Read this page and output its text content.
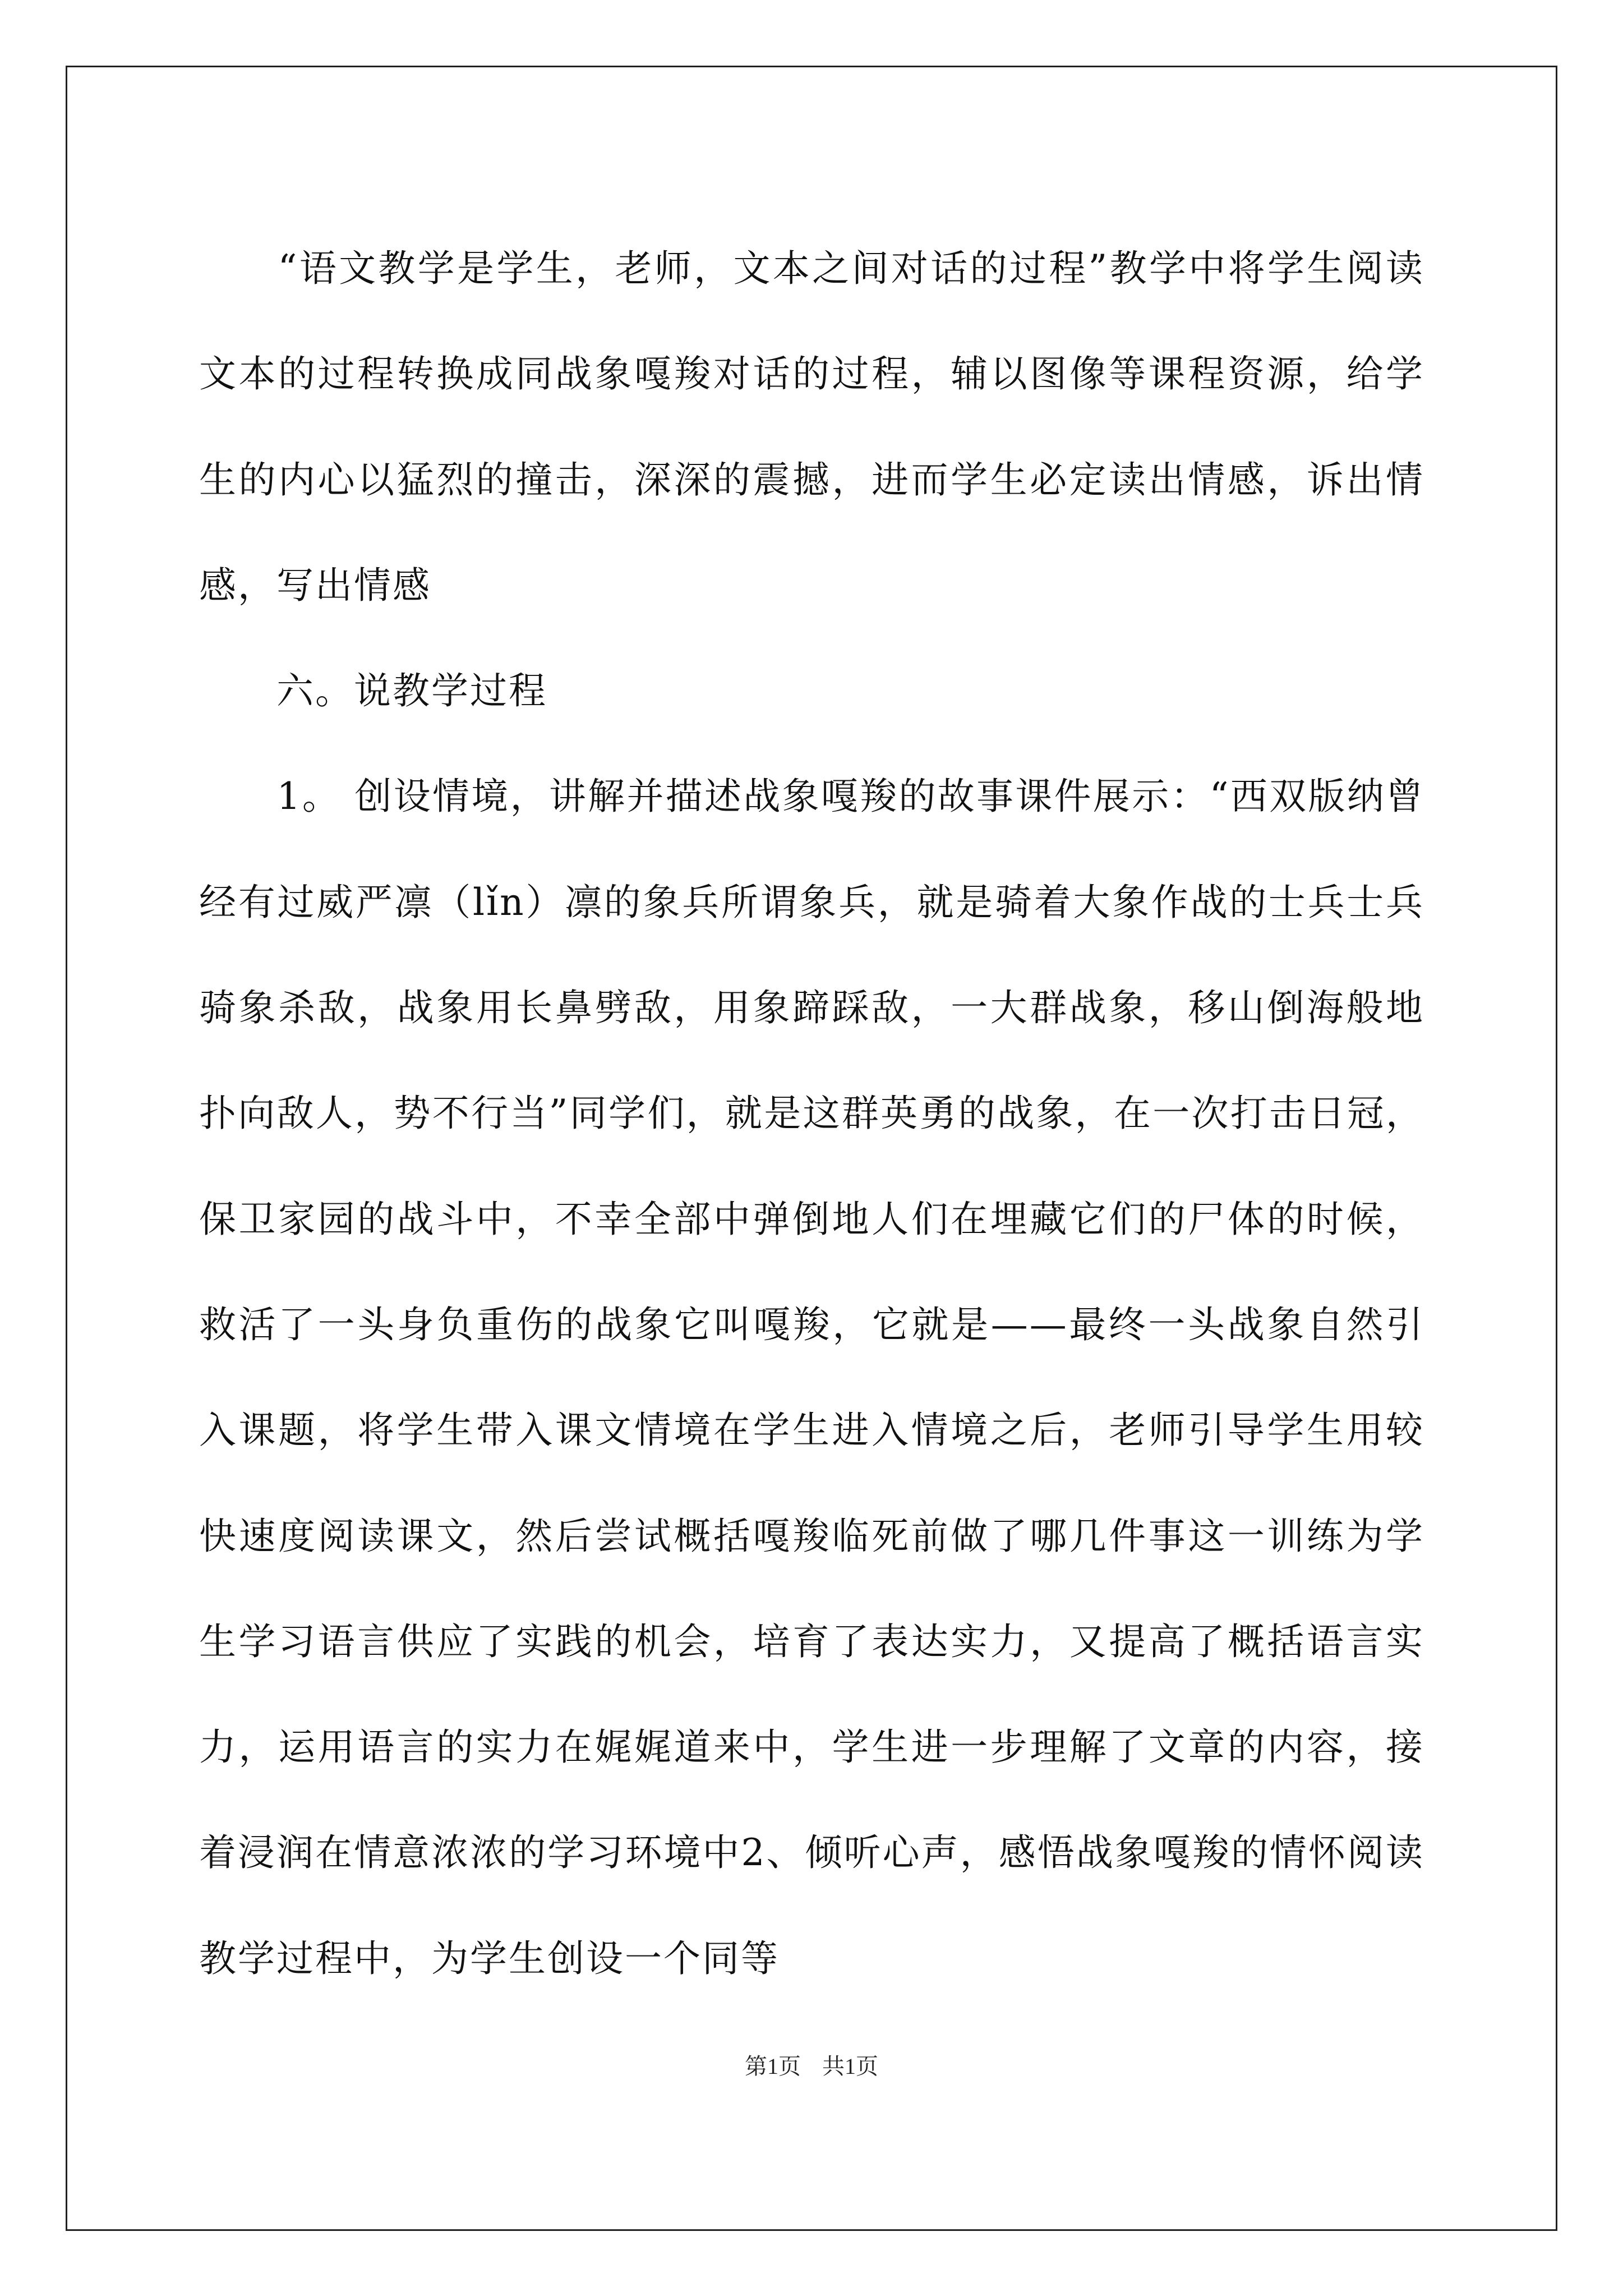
　　“语文教学是学生，老师，文本之间对话的过程”教学中将学生阅读文本的过程转换成同战象嘎羧对话的过程，辅以图像等课程资源，给学生的内心以猛烈的撞击，深深的震撼，进而学生必定读出情感，诉出情感，写出情感

　　六。说教学过程

　　1。 创设情境，讲解并描述战象嘎羧的故事课件展示：“西双版纳曾经有过威严凛（lǐn）凛的象兵所谓象兵，就是骑着大象作战的士兵士兵骑象杀敌，战象用长鼻劈敌，用象蹄踩敌，一大群战象，移山倒海般地扑向敌人，势不行当”同学们，就是这群英勇的战象，在一次打击日冠，保卫家园的战斗中，不幸全部中弹倒地人们在埋藏它们的尸体的时候，救活了一头身负重伤的战象它叫嘎羧，它就是——最终一头战象自然引入课题，将学生带入课文情境在学生进入情境之后，老师引导学生用较快速度阅读课文，然后尝试概括嘎羧临死前做了哪几件事这一训练为学生学习语言供应了实践的机会，培育了表达实力，又提高了概括语言实力，运用语言的实力在娓娓道来中，学生进一步理解了文章的内容，接着浸润在情意浓浓的学习环境中2、倾听心声，感悟战象嘎羧的情怀阅读教学过程中，为学生创设一个同等

第1页 共1页
